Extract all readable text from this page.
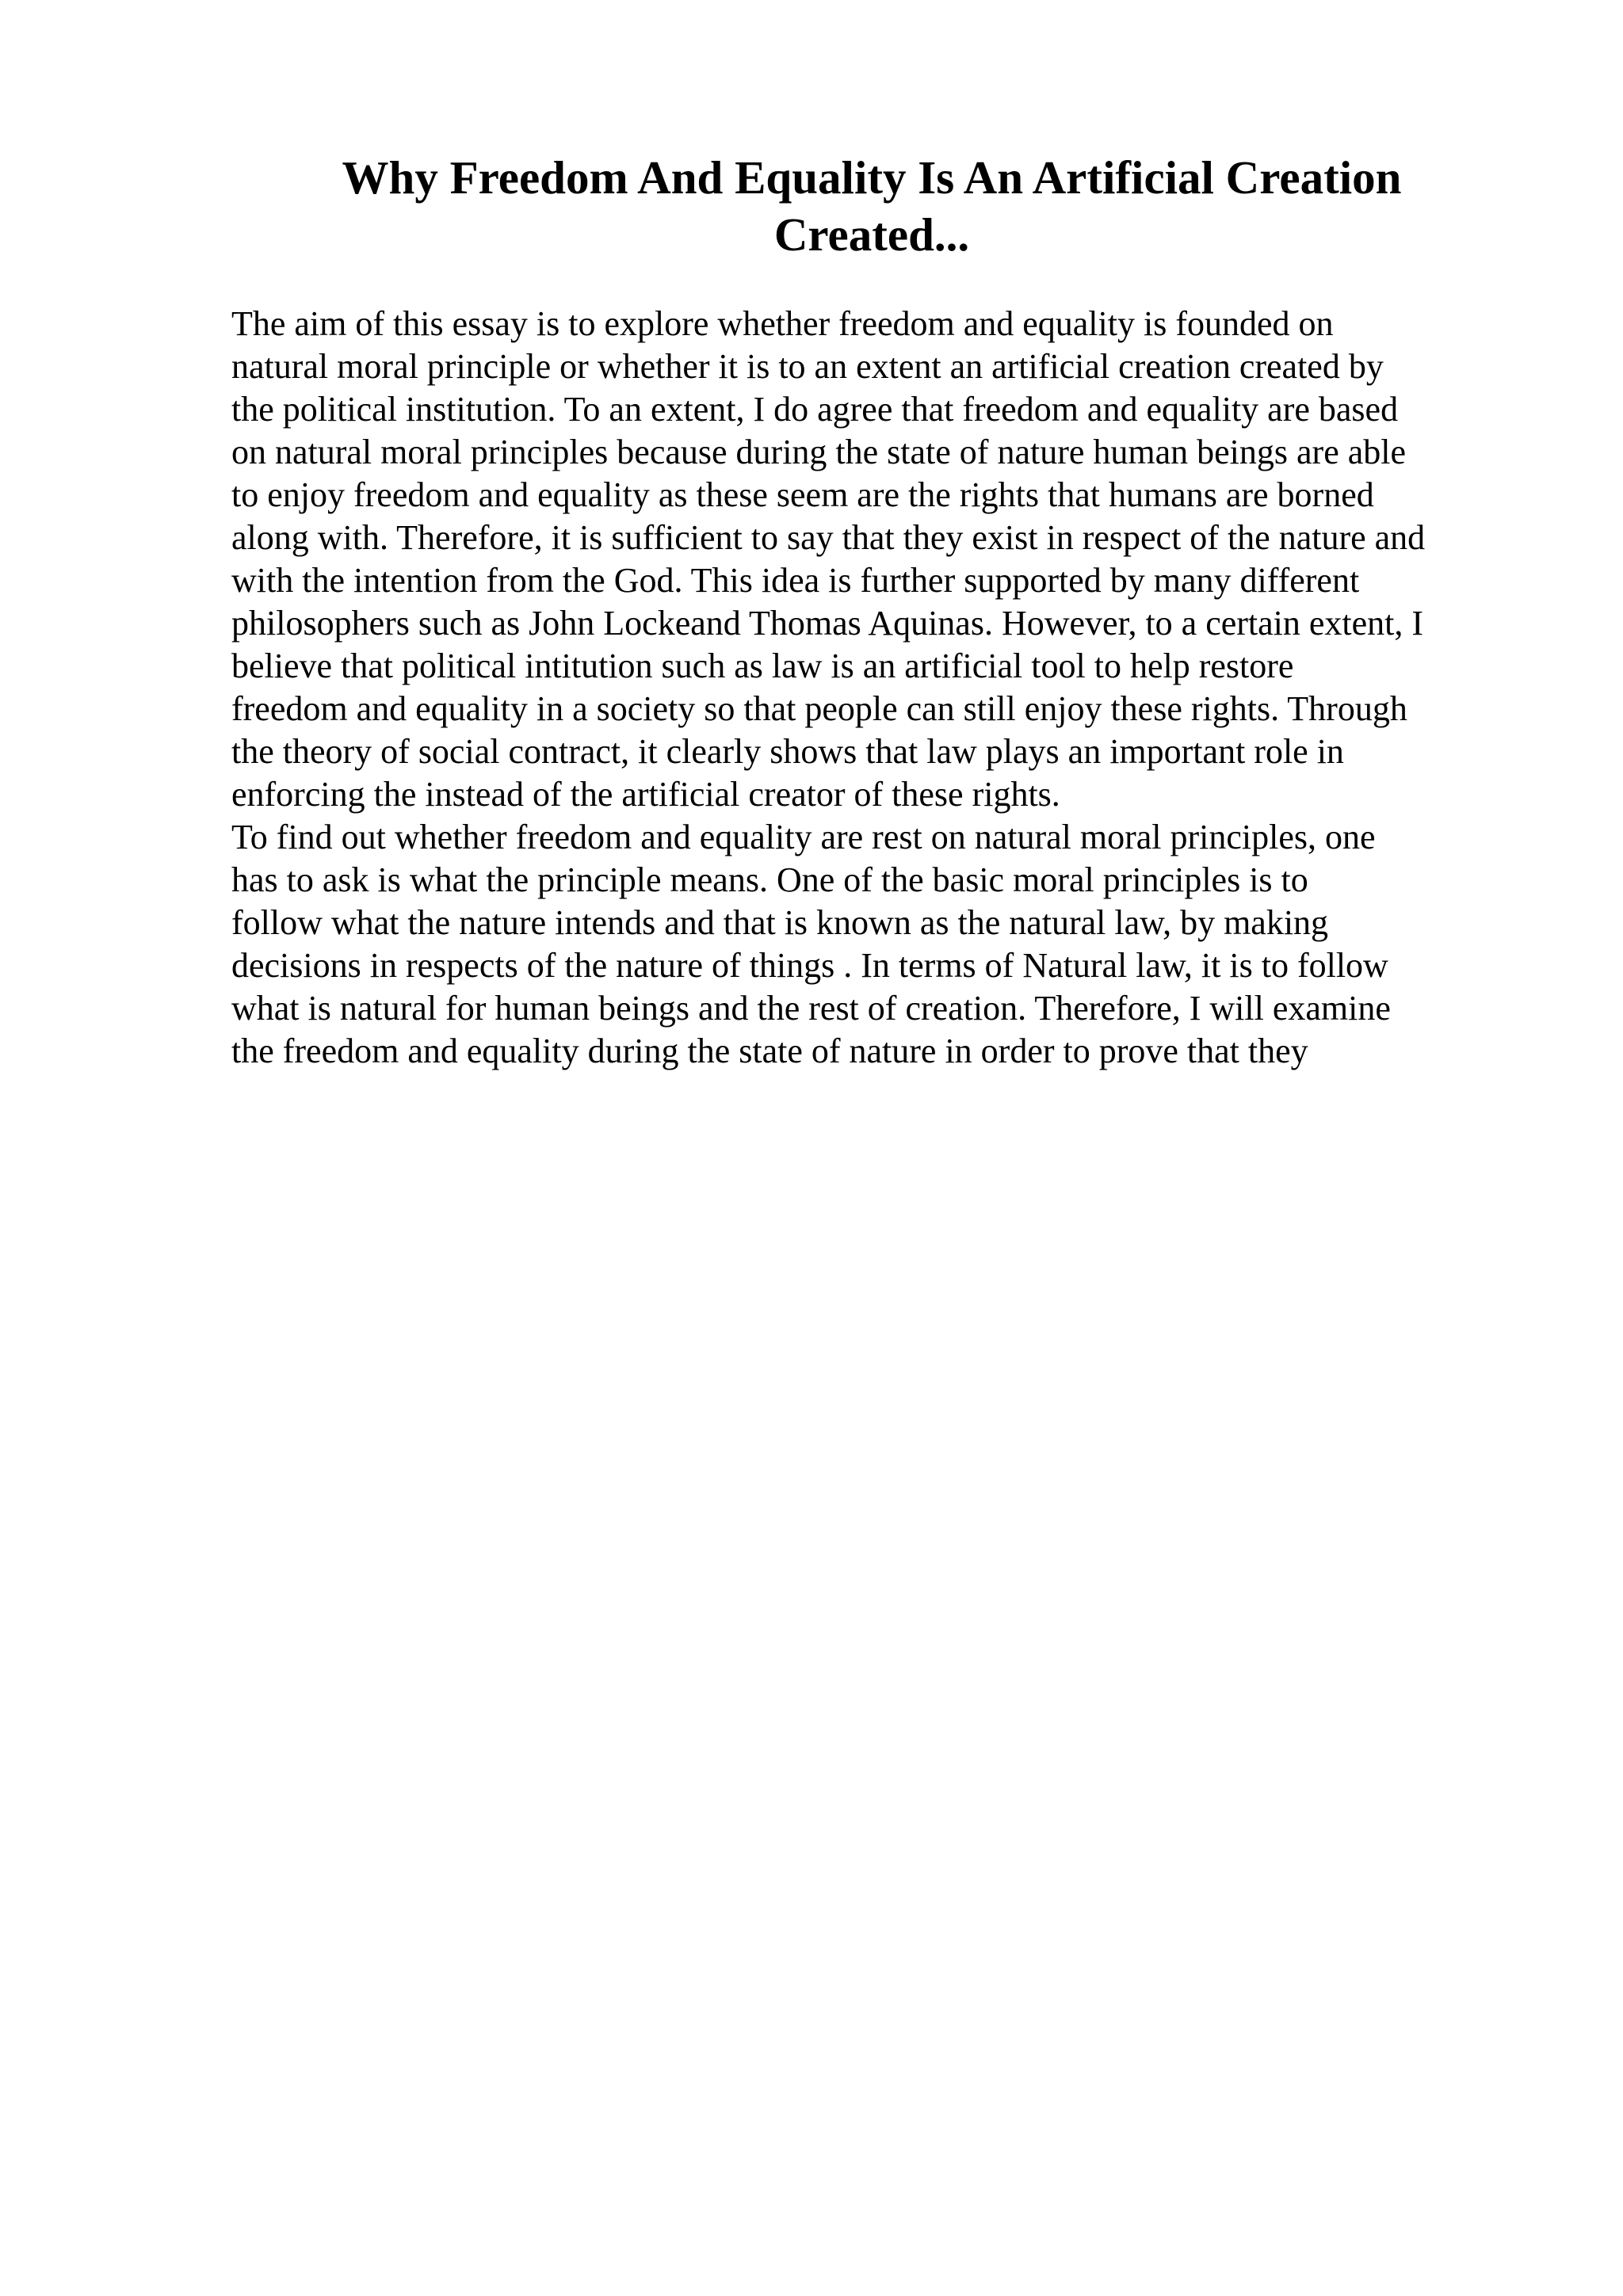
Why Freedom And Equality Is An Artificial Creation
Created...
The aim of this essay is to explore whether freedom and equality is founded on
natural moral principle or whether it is to an extent an artificial creation created by
the political institution. To an extent, I do agree that freedom and equality are based
on natural moral principles because during the state of nature human beings are able
to enjoy freedom and equality as these seem are the rights that humans are borned
along with. Therefore, it is sufficient to say that they exist in respect of the nature and
with the intention from the God. This idea is further supported by many different
philosophers such as John Lockeand Thomas Aquinas. However, to a certain extent, I
believe that political intitution such as law is an artificial tool to help restore
freedom and equality in a society so that people can still enjoy these rights. Through
the theory of social contract, it clearly shows that law plays an important role in
enforcing the instead of the artificial creator of these rights.
To find out whether freedom and equality are rest on natural moral principles, one
has to ask is what the principle means. One of the basic moral principles is to
follow what the nature intends and that is known as the natural law, by making
decisions in respects of the nature of things . In terms of Natural law, it is to follow
what is natural for human beings and the rest of creation. Therefore, I will examine
the freedom and equality during the state of nature in order to prove that they
